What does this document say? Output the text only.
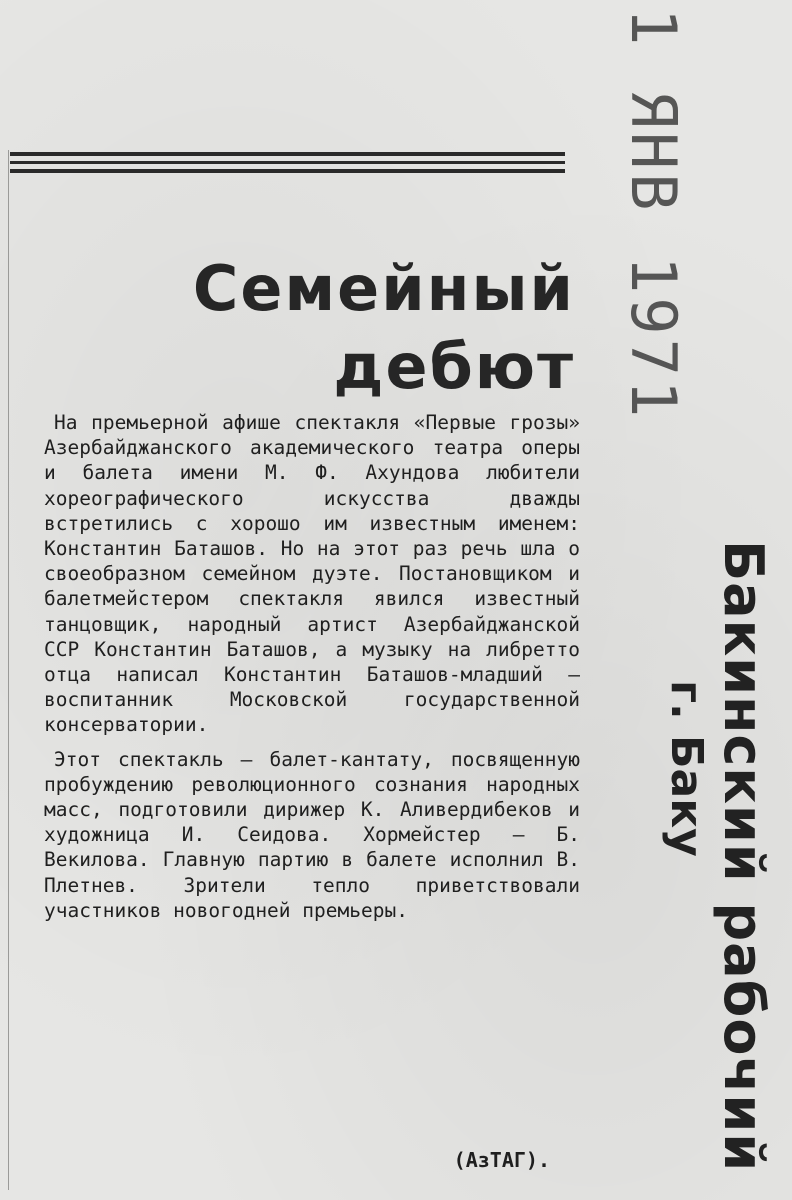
Семейный
дебют

На премьерной афише спектакля «Первые грозы» Азербайджанского академического театра оперы и балета имени М. Ф. Ахундова любители хореографического искусства дважды встретились с хорошо им известным именем: Константин Баташов. Но на этот раз речь шла о своеобразном семейном дуэте. Постановщиком и балетмейстером спектакля явился известный танцовщик, народный артист Азербайджанской ССР Константин Баташов, а музыку на либретто отца написал Константин Баташов-младший — воспитанник Московской государственной консерватории.

Этот спектакль — балет-кантату, посвященную пробуждению революционного сознания народных масс, подготовили дирижер К. Аливердибеков и художница И. Сеидова. Хормейстер — Б. Векилова. Главную партию в балете исполнил В. Плетнев. Зрители тепло приветствовали участников новогодней премьеры.

(АзТАГ).
1 ЯНВ 1971
Бакинский рабочий
г. Баку
